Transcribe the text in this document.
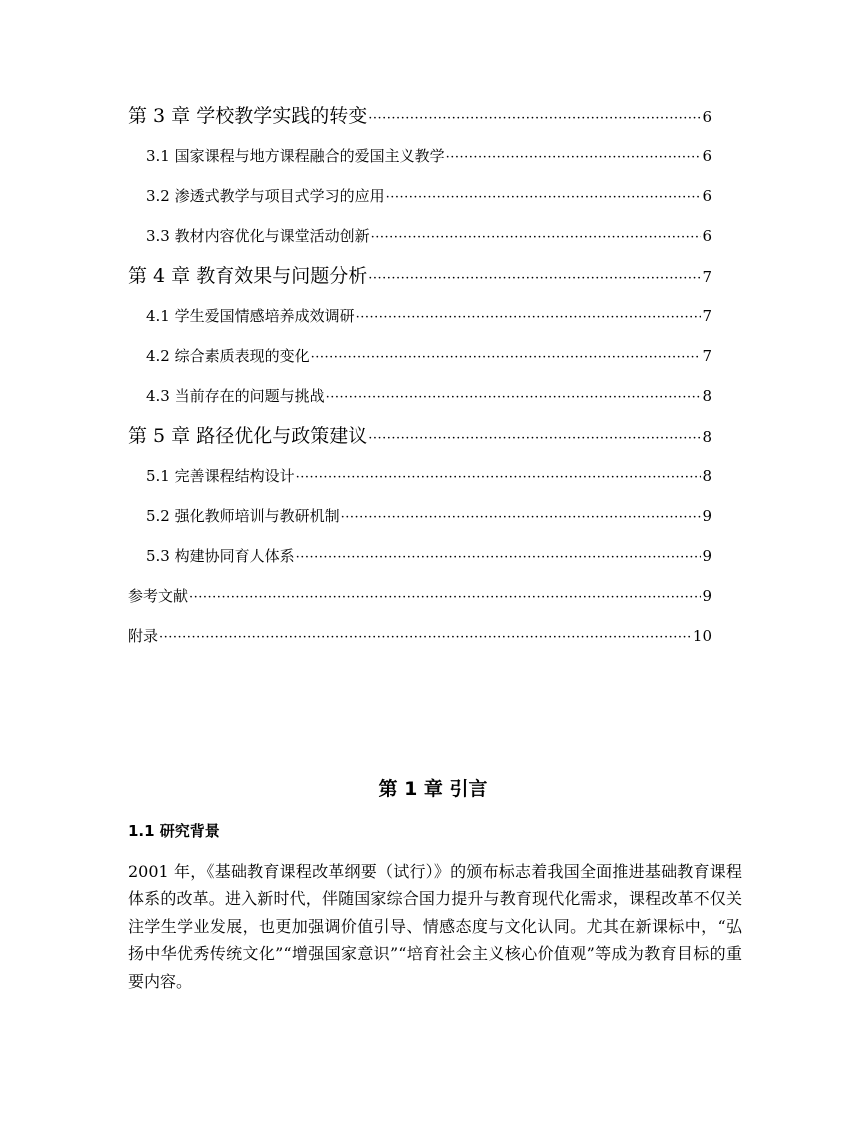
第 3 章 学校教学实践的转变 ·····	6
3.1 国家课程与地方课程融合的爱国主义教学 ·····	6
3.2 渗透式教学与项目式学习的应用 ·····	6
3.3 教材内容优化与课堂活动创新 ·····	6
第 4 章 教育效果与问题分析 ·····	7
4.1 学生爱国情感培养成效调研 ·····	7
4.2 综合素质表现的变化 ·····	7
4.3 当前存在的问题与挑战 ·····	8
第 5 章 路径优化与政策建议 ·····	8
5.1 完善课程结构设计 ·····	8
5.2 强化教师培训与教研机制 ·····	9
5.3 构建协同育人体系 ·····	9
参考文献 ·····	9
附录 ·····	10
第 1 章 引言
1.1 研究背景

2001 年，《基础教育课程改革纲要（试行）》的颁布标志着我国全面推进基础教育课程体系的改革。进入新时代，伴随国家综合国力提升与教育现代化需求，课程改革不仅关注学生学业发展，也更加强调价值引导、情感态度与文化认同。尤其在新课标中，“弘扬中华优秀传统文化”“增强国家意识”“培育社会主义核心价值观”等成为教育目标的重要内容。
